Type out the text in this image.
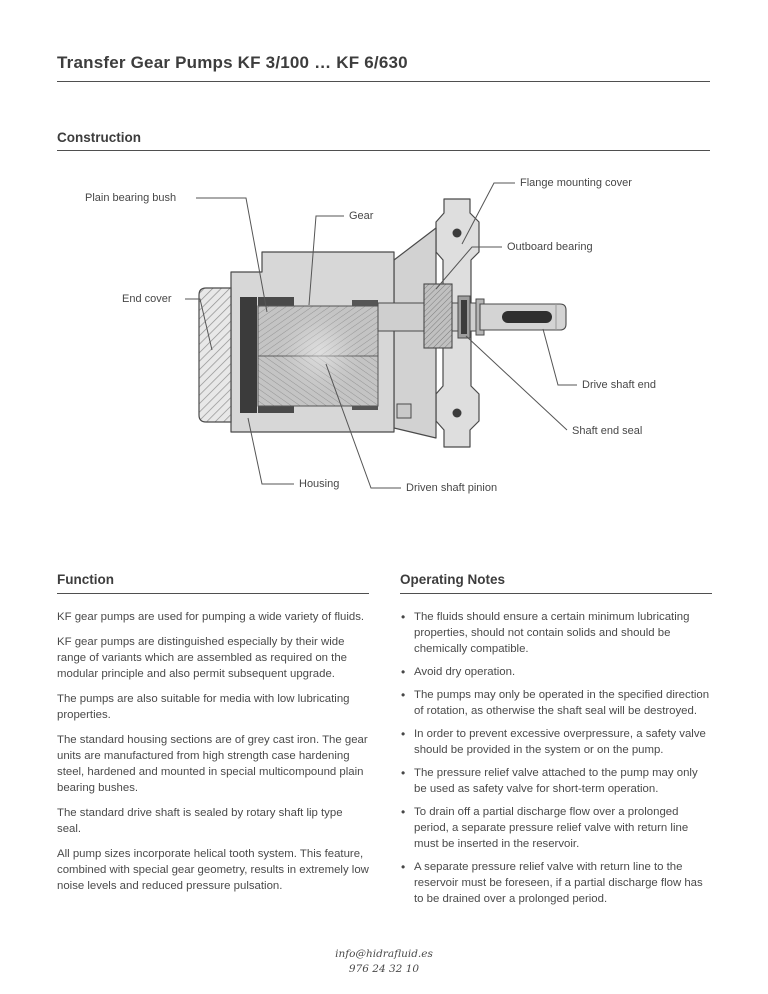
Transfer Gear Pumps KF 3/100 … KF 6/630
Construction
Plain bearing bush
Gear
Flange mounting cover
Outboard bearing
End cover
Drive shaft end
Shaft end seal
Housing	Driven shaft pinion
Function

KF gear pumps are used for pumping a wide variety of fluids.

KF gear pumps are distinguished especially by their wide range of variants which are assembled as required on the modular principle and also permit subsequent upgrade.

The pumps are also suitable for media with low lubricating properties.

The standard housing sections are of grey cast iron. The gear units are manufactured from high strength case hardening steel, hardened and mounted in special multicompound plain bearing bushes.

The standard drive shaft is sealed by rotary shaft lip type seal.

All pump sizes incorporate helical tooth system. This feature, combined with special gear geometry, results in extremely low noise levels and reduced pressure pulsation.

Operating Notes
• The fluids should ensure a certain minimum lubricating properties, should not contain solids and should be chemically compatible.
• Avoid dry operation.
• The pumps may only be operated in the specified direction of rotation, as otherwise the shaft seal will be destroyed.
• In order to prevent excessive overpressure, a safety valve should be provided in the system or on the pump.
• The pressure relief valve attached to the pump may only be used as safety valve for short-term operation.
• To drain off a partial discharge flow over a prolonged period, a separate pressure relief valve with return line must be inserted in the reservoir.
• A separate pressure relief valve with return line to the reservoir must be foreseen, if a partial discharge flow has to be drained over a prolonged period.
info@hidrafluid.es
976 24 32 10
